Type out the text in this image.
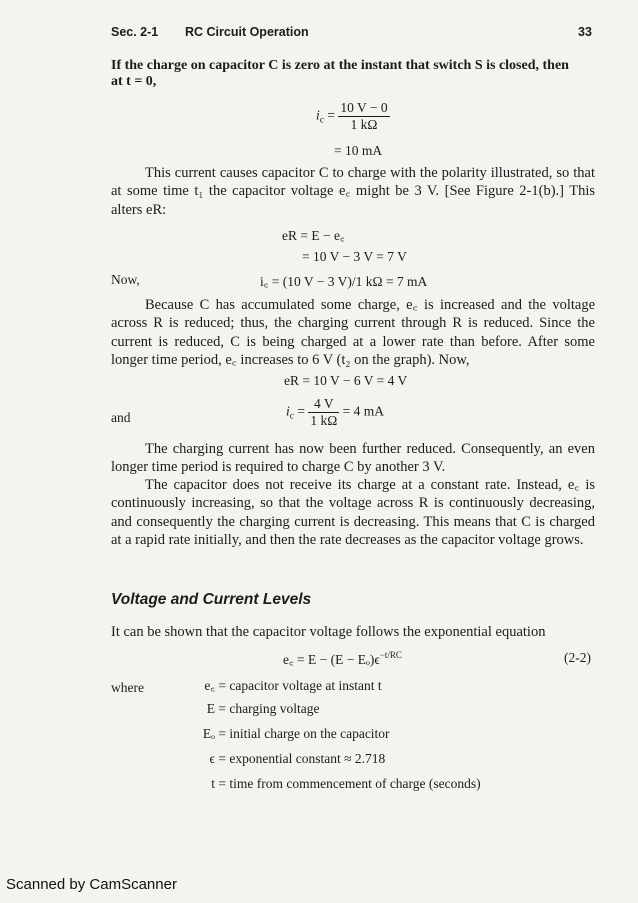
Sec. 2-1 RC Circuit Operation	33
If the charge on capacitor C is zero at the instant that switch S is closed, then
at t = 0,
$i_c = \frac{10 V - 0}{1 k\Omega}$
= 10 mA
This current causes capacitor C to charge with the polarity illustrated, so that at some time t₁ the capacitor voltage e꜀ might be 3 V. [See Figure 2-1(b).] This alters eR:
eR = E − e꜀
= 10 V − 3 V = 7 V
Now,	i꜀ = (10 V − 3 V)/1 kΩ = 7 mA
Because C has accumulated some charge, e꜀ is increased and the voltage across R is reduced; thus, the charging current through R is reduced. Since the current is reduced, C is being charged at a lower rate than before. After some longer time period, e꜀ increases to 6 V (t₂ on the graph). Now,
eR = 10 V − 6 V = 4 V
and	$i_c = \frac{4 V}{1 k\Omega} = 4$ mA
The charging current has now been further reduced. Consequently, an even longer time period is required to charge C by another 3 V.
The capacitor does not receive its charge at a constant rate. Instead, e꜀ is continuously increasing, so that the voltage across R is continuously decreasing, and consequently the charging current is decreasing. This means that C is charged at a rapid rate initially, and then the rate decreases as the capacitor voltage grows.
Voltage and Current Levels
It can be shown that the capacitor voltage follows the exponential equation
e꜀ = $E - (E - E_o)\epsilon^{-t/RC}$	(2-2)
where	e꜀ = capacitor voltage at instant t
E = charging voltage
Eₒ = initial charge on the capacitor
ϵ = exponential constant ≈ 2.718
t = time from commencement of charge (seconds)
Scanned by CamScanner
